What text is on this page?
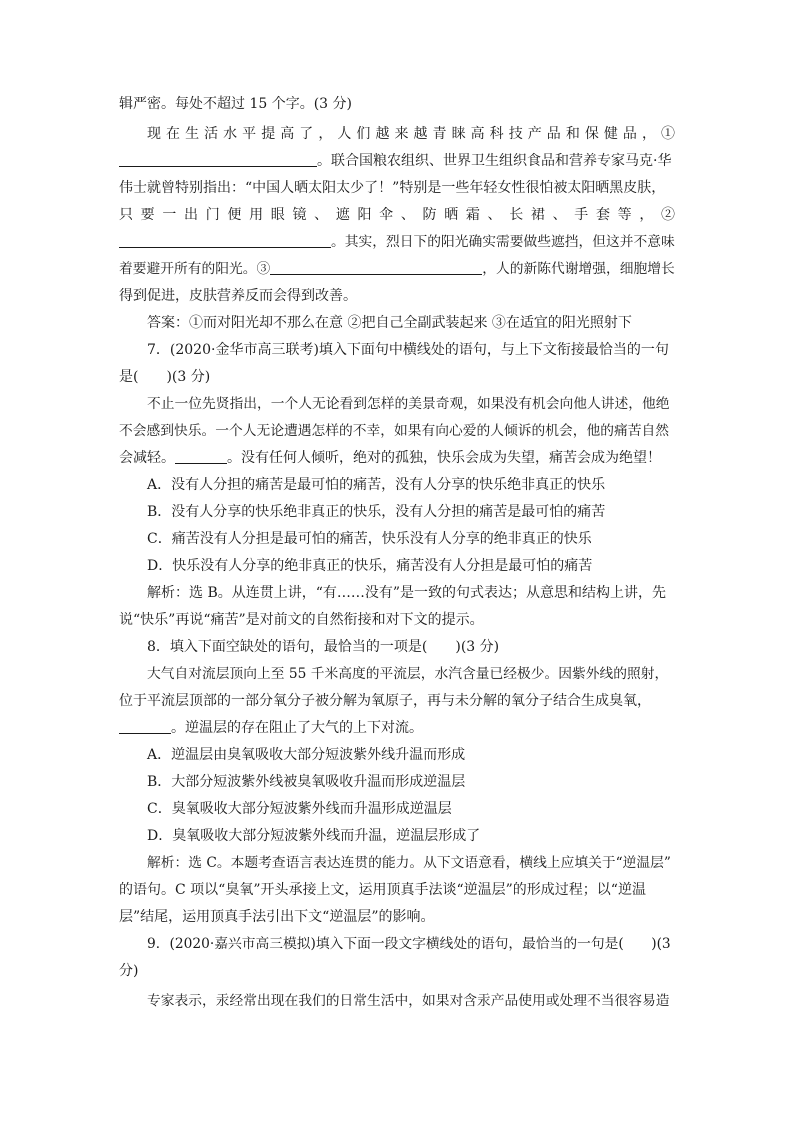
辑严密。每处不超过 15 个字。(3 分)
现在生活水平提高了，人们越来越青睐高科技产品和保健品，①
。联合国粮农组织、世界卫生组织食品和营养专家马克·华
伟士就曾特别指出：“中国人晒太阳太少了！”特别是一些年轻女性很怕被太阳晒黑皮肤，
只要一出门便用眼镜、遮阳伞、防晒霜、长裙、手套等，②
。其实，烈日下的阳光确实需要做些遮挡，但这并不意味
着要避开所有的阳光。③	，人的新陈代谢增强，细胞增长
得到促进，皮肤营养反而会得到改善。
答案：①而对阳光却不那么在意 ②把自己全副武装起来 ③在适宜的阳光照射下
7．(2020·金华市高三联考)填入下面句中横线处的语句，与上下文衔接最恰当的一句
是(　　)(3 分)
不止一位先贤指出，一个人无论看到怎样的美景奇观，如果没有机会向他人讲述，他绝
不会感到快乐。一个人无论遭遇怎样的不幸，如果有向心爱的人倾诉的机会，他的痛苦自然
会减轻。	。没有任何人倾听，绝对的孤独，快乐会成为失望，痛苦会成为绝望！
A．没有人分担的痛苦是最可怕的痛苦，没有人分享的快乐绝非真正的快乐
B．没有人分享的快乐绝非真正的快乐，没有人分担的痛苦是最可怕的痛苦
C．痛苦没有人分担是最可怕的痛苦，快乐没有人分享的绝非真正的快乐
D．快乐没有人分享的绝非真正的快乐，痛苦没有人分担是最可怕的痛苦
解析：选 B。从连贯上讲，“有……没有”是一致的句式表达；从意思和结构上讲，先
说“快乐”再说“痛苦”是对前文的自然衔接和对下文的提示。
8．填入下面空缺处的语句，最恰当的一项是(　　)(3 分)
大气自对流层顶向上至 55 千米高度的平流层，水汽含量已经极少。因紫外线的照射，
位于平流层顶部的一部分氧分子被分解为氧原子，再与未分解的氧分子结合生成臭氧，
。逆温层的存在阻止了大气的上下对流。
A．逆温层由臭氧吸收大部分短波紫外线升温而形成
B．大部分短波紫外线被臭氧吸收升温而形成逆温层
C．臭氧吸收大部分短波紫外线而升温形成逆温层
D．臭氧吸收大部分短波紫外线而升温，逆温层形成了
解析：选 C。本题考查语言表达连贯的能力。从下文语意看，横线上应填关于“逆温层”
的语句。C 项以“臭氧”开头承接上文，运用顶真手法谈“逆温层”的形成过程；以“逆温
层”结尾，运用顶真手法引出下文“逆温层”的影响。
9．(2020·嘉兴市高三模拟)填入下面一段文字横线处的语句，最恰当的一句是(　　)(3
分)
专家表示，汞经常出现在我们的日常生活中，如果对含汞产品使用或处理不当很容易造
